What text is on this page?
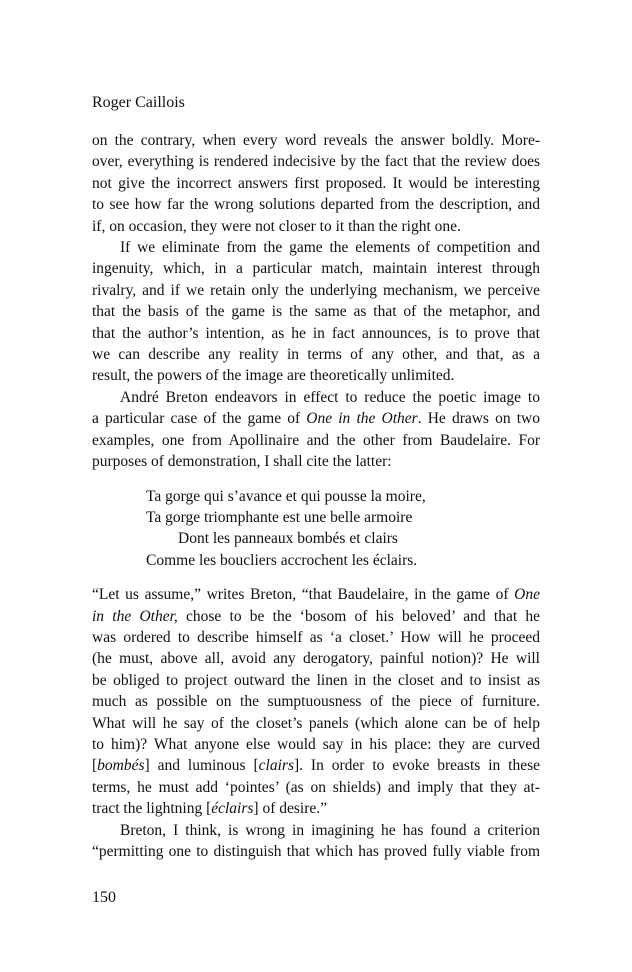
Roger Caillois

on the contrary, when every word reveals the answer boldly. More-
over, everything is rendered indecisive by the fact that the review does
not give the incorrect answers first proposed. It would be interesting
to see how far the wrong solutions departed from the description, and
if, on occasion, they were not closer to it than the right one.

If we eliminate from the game the elements of competition and
ingenuity, which, in a particular match, maintain interest through
rivalry, and if we retain only the underlying mechanism, we perceive
that the basis of the game is the same as that of the metaphor, and
that the author’s intention, as he in fact announces, is to prove that
we can describe any reality in terms of any other, and that, as a
result, the powers of the image are theoretically unlimited.

André Breton endeavors in effect to reduce the poetic image to
a particular case of the game of One in the Other. He draws on two
examples, one from Apollinaire and the other from Baudelaire. For
purposes of demonstration, I shall cite the latter:

Ta gorge qui s’avance et qui pousse la moire,
Ta gorge triomphante est une belle armoire
Dont les panneaux bombés et clairs
Comme les boucliers accrochent les éclairs.

“Let us assume,” writes Breton, “that Baudelaire, in the game of One
in the Other, chose to be the ‘bosom of his beloved’ and that he
was ordered to describe himself as ‘a closet.’ How will he proceed
(he must, above all, avoid any derogatory, painful notion)? He will
be obliged to project outward the linen in the closet and to insist as
much as possible on the sumptuousness of the piece of furniture.
What will he say of the closet’s panels (which alone can be of help
to him)? What anyone else would say in his place: they are curved
[bombés] and luminous [clairs]. In order to evoke breasts in these
terms, he must add ‘pointes’ (as on shields) and imply that they at-
tract the lightning [éclairs] of desire.”

Breton, I think, is wrong in imagining he has found a criterion
“permitting one to distinguish that which has proved fully viable from

150
